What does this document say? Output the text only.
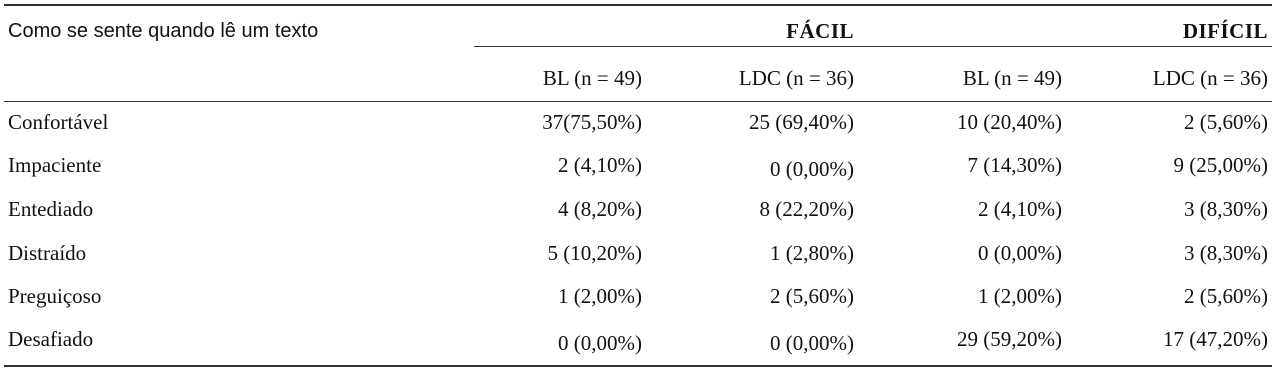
Como se sente quando lê um texto	FÁCIL	DIFÍCIL
BL (n = 49)	LDC (n = 36)	BL (n = 49)	LDC (n = 36)
Confortável	37(75,50%)	25 (69,40%)	10 (20,40%)	2 (5,60%)
Impaciente	2 (4,10%)	0 (0,00%)	7 (14,30%)	9 (25,00%)
Entediado	4 (8,20%)	8 (22,20%)	2 (4,10%)	3 (8,30%)
Distraído	5 (10,20%)	1 (2,80%)	0 (0,00%)	3 (8,30%)
Preguiçoso	1 (2,00%)	2 (5,60%)	1 (2,00%)	2 (5,60%)
Desafiado	0 (0,00%)	0 (0,00%)	29 (59,20%)	17 (47,20%)
